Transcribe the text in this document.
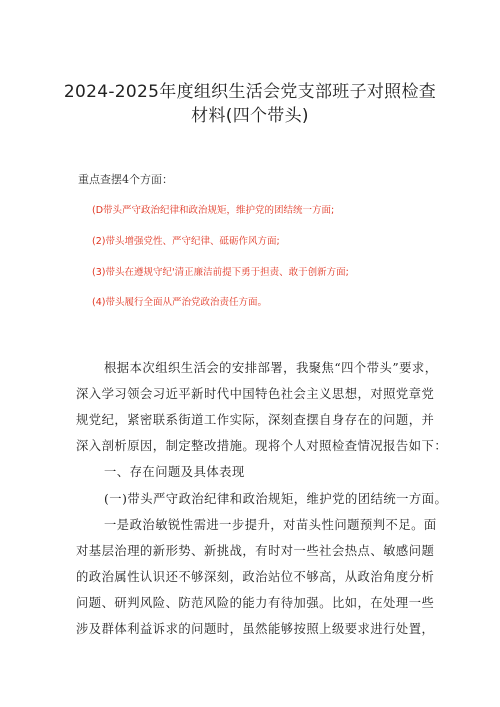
2024-2025年度组织生活会党支部班子对照检查
材料(四个带头)
重点查摆4个方面：
(D带头严守政治纪律和政治规矩，维护党的团结统一方面;
(2)带头增强党性、严守纪律、砥砺作风方面;
(3)带头在遵规守纪'清正廉洁前提下勇于担责、敢于创新方面;
(4)带头履行全面从严治党政治责任方面。
根据本次组织生活会的安排部署，我聚焦“四个带头”要求，
深入学习领会习近平新时代中国特色社会主义思想，对照党章党
规党纪，紧密联系街道工作实际，深刻查摆自身存在的问题，并
深入剖析原因，制定整改措施。现将个人对照检查情况报告如下：
一、存在问题及具体表现
(一)带头严守政治纪律和政治规矩，维护党的团结统一方面。
一是政治敏锐性需进一步提升，对苗头性问题预判不足。面
对基层治理的新形势、新挑战，有时对一些社会热点、敏感问题
的政治属性认识还不够深刻，政治站位不够高，从政治角度分析
问题、研判风险、防范风险的能力有待加强。比如，在处理一些
涉及群体利益诉求的问题时，虽然能够按照上级要求进行处置，
